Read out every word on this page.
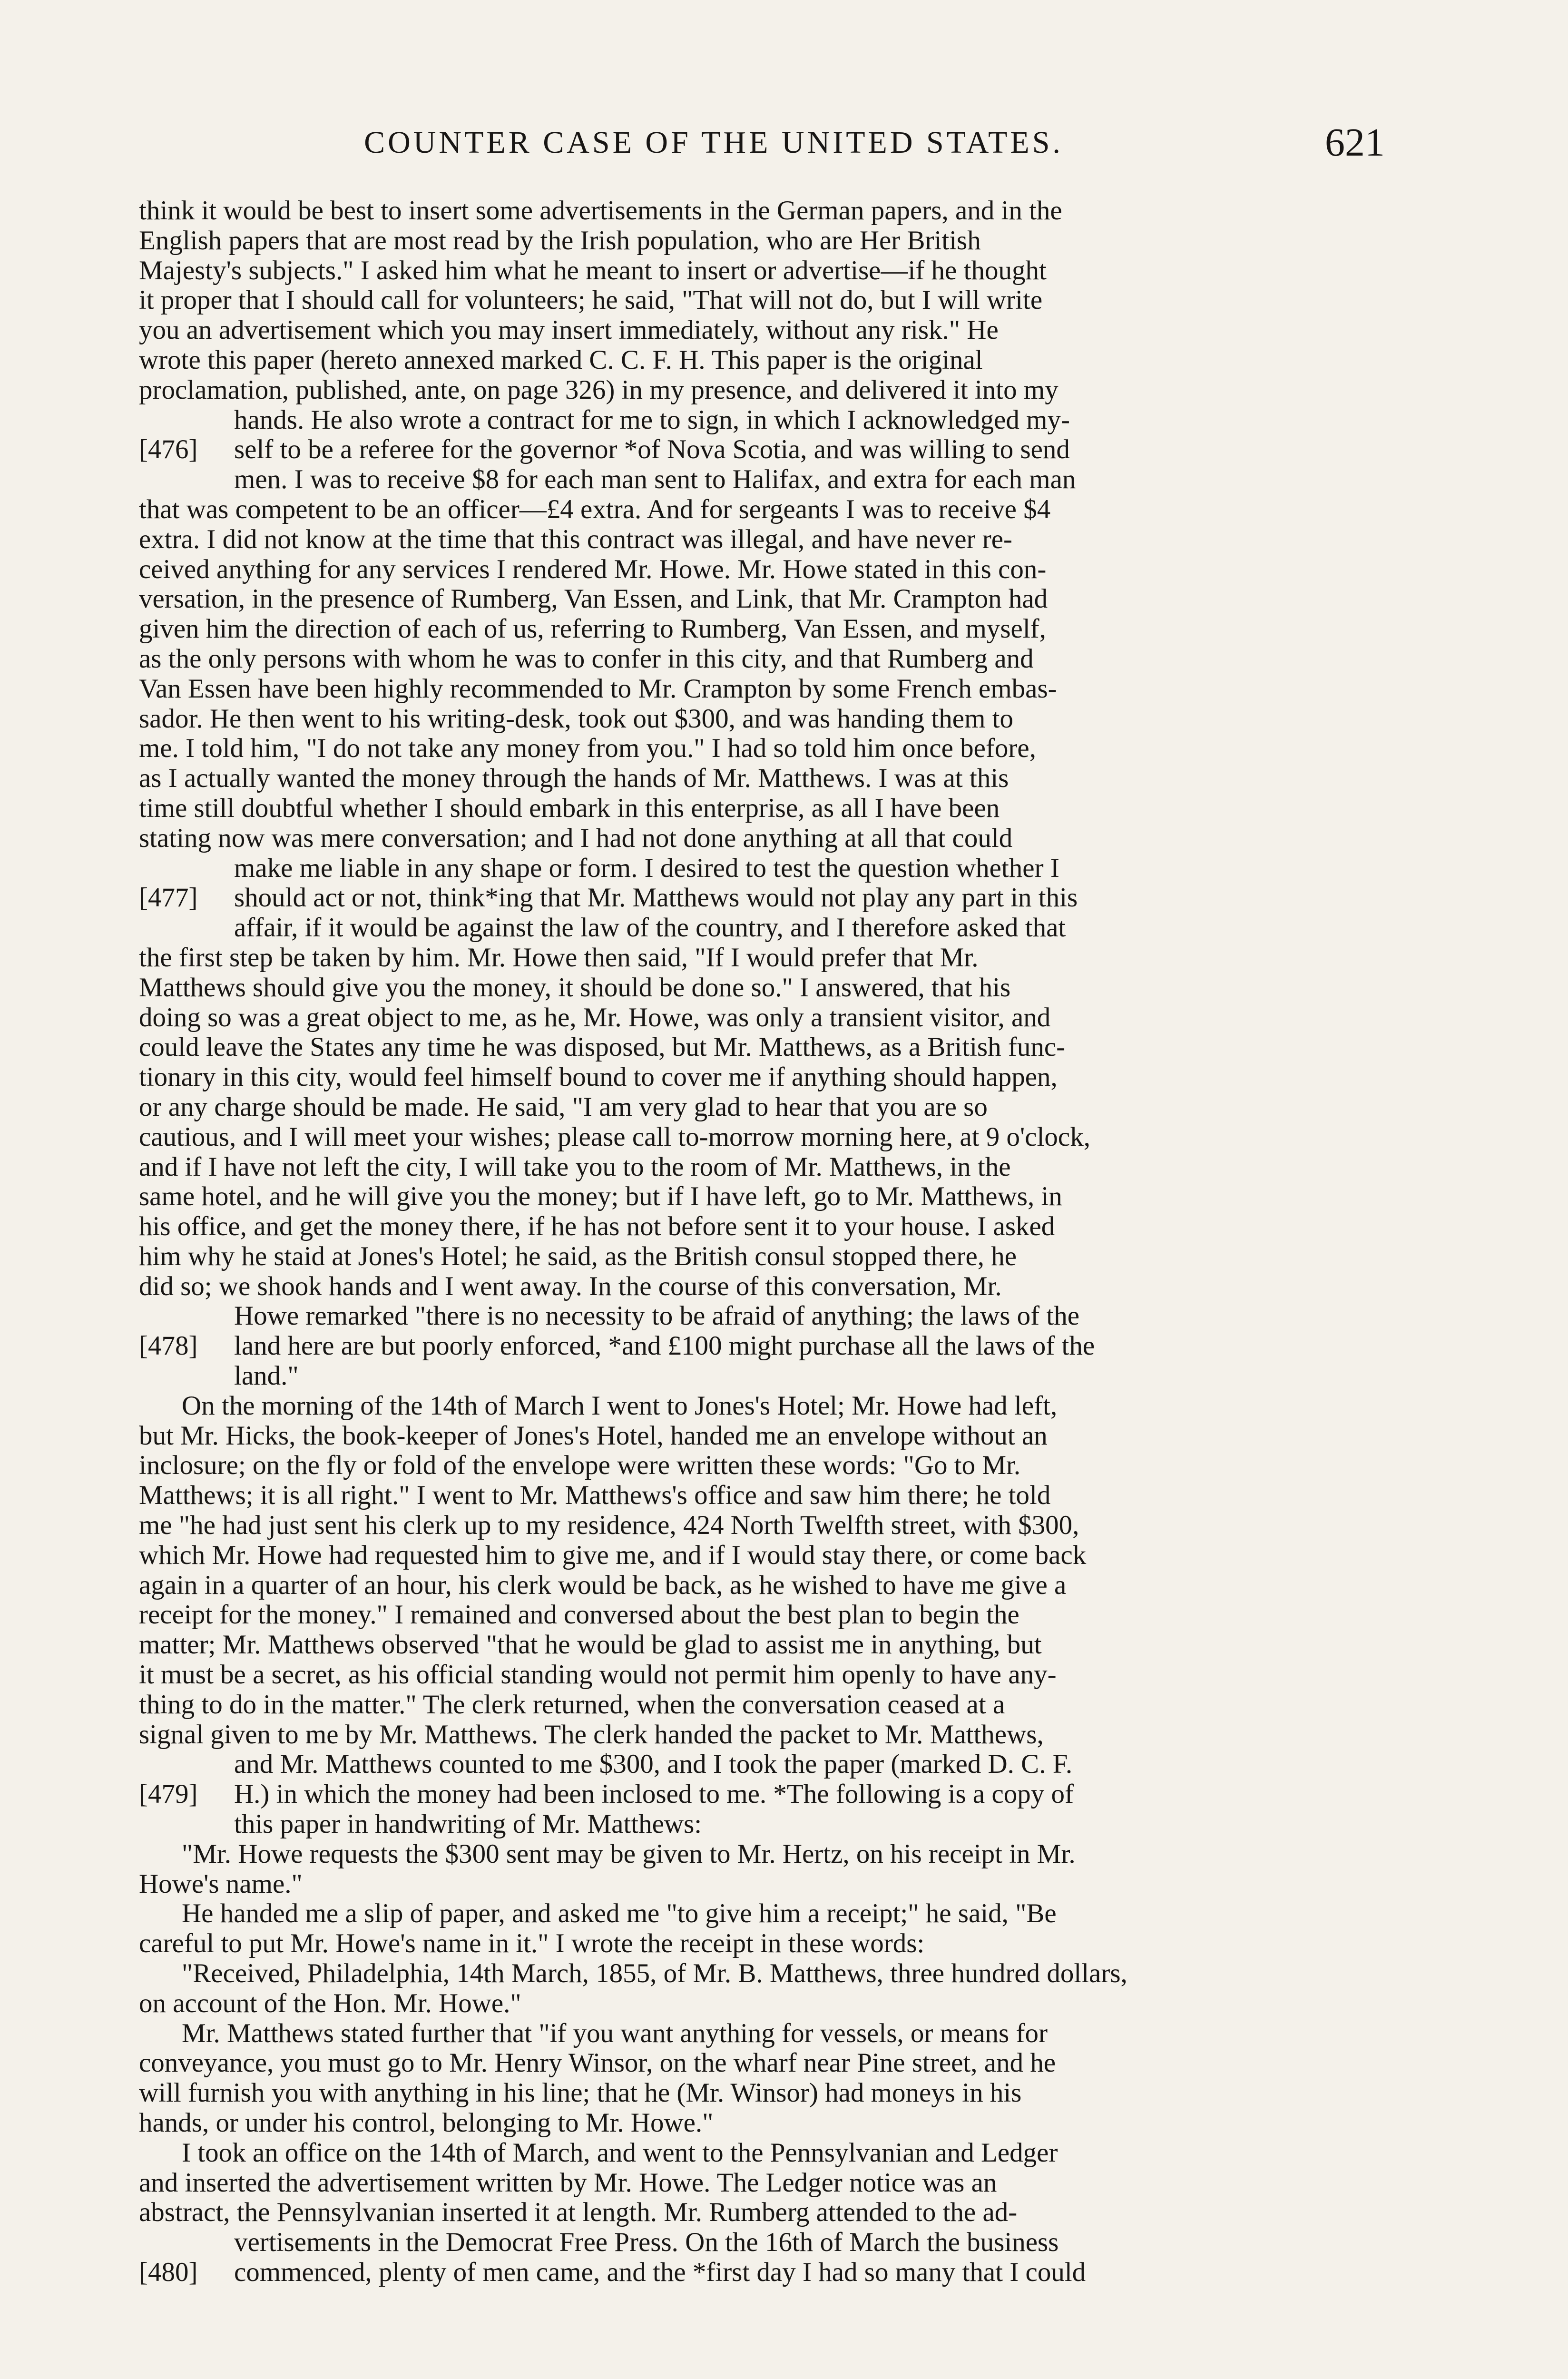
COUNTER CASE OF THE UNITED STATES.	621
think it would be best to insert some advertisements in the German papers, and in the
English papers that are most read by the Irish population, who are Her British
Majesty's subjects." I asked him what he meant to insert or advertise—if he thought
it proper that I should call for volunteers; he said, "That will not do, but I will write
you an advertisement which you may insert immediately, without any risk." He
wrote this paper (hereto annexed marked C. C. F. H. This paper is the original
proclamation, published, ante, on page 326) in my presence, and delivered it into my
hands. He also wrote a contract for me to sign, in which I acknowledged my-
[476] self to be a referee for the governor *of Nova Scotia, and was willing to send
men. I was to receive $8 for each man sent to Halifax, and extra for each man
that was competent to be an officer—£4 extra. And for sergeants I was to receive $4
extra. I did not know at the time that this contract was illegal, and have never re-
ceived anything for any services I rendered Mr. Howe. Mr. Howe stated in this con-
versation, in the presence of Rumberg, Van Essen, and Link, that Mr. Crampton had
given him the direction of each of us, referring to Rumberg, Van Essen, and myself,
as the only persons with whom he was to confer in this city, and that Rumberg and
Van Essen have been highly recommended to Mr. Crampton by some French embas-
sador. He then went to his writing-desk, took out $300, and was handing them to
me. I told him, "I do not take any money from you." I had so told him once before,
as I actually wanted the money through the hands of Mr. Matthews. I was at this
time still doubtful whether I should embark in this enterprise, as all I have been
stating now was mere conversation; and I had not done anything at all that could
make me liable in any shape or form. I desired to test the question whether I
[477] should act or not, think*ing that Mr. Matthews would not play any part in this
affair, if it would be against the law of the country, and I therefore asked that
the first step be taken by him. Mr. Howe then said, "If I would prefer that Mr.
Matthews should give you the money, it should be done so." I answered, that his
doing so was a great object to me, as he, Mr. Howe, was only a transient visitor, and
could leave the States any time he was disposed, but Mr. Matthews, as a British func-
tionary in this city, would feel himself bound to cover me if anything should happen,
or any charge should be made. He said, "I am very glad to hear that you are so
cautious, and I will meet your wishes; please call to-morrow morning here, at 9 o'clock,
and if I have not left the city, I will take you to the room of Mr. Matthews, in the
same hotel, and he will give you the money; but if I have left, go to Mr. Matthews, in
his office, and get the money there, if he has not before sent it to your house. I asked
him why he staid at Jones's Hotel; he said, as the British consul stopped there, he
did so; we shook hands and I went away. In the course of this conversation, Mr.
Howe remarked "there is no necessity to be afraid of anything; the laws of the
[478] land here are but poorly enforced, *and £100 might purchase all the laws of the
land."
On the morning of the 14th of March I went to Jones's Hotel; Mr. Howe had left,
but Mr. Hicks, the book-keeper of Jones's Hotel, handed me an envelope without an
inclosure; on the fly or fold of the envelope were written these words: "Go to Mr.
Matthews; it is all right." I went to Mr. Matthews's office and saw him there; he told
me "he had just sent his clerk up to my residence, 424 North Twelfth street, with $300,
which Mr. Howe had requested him to give me, and if I would stay there, or come back
again in a quarter of an hour, his clerk would be back, as he wished to have me give a
receipt for the money." I remained and conversed about the best plan to begin the
matter; Mr. Matthews observed "that he would be glad to assist me in anything, but
it must be a secret, as his official standing would not permit him openly to have any-
thing to do in the matter." The clerk returned, when the conversation ceased at a
signal given to me by Mr. Matthews. The clerk handed the packet to Mr. Matthews,
and Mr. Matthews counted to me $300, and I took the paper (marked D. C. F.
[479] H.) in which the money had been inclosed to me. *The following is a copy of
this paper in handwriting of Mr. Matthews:
"Mr. Howe requests the $300 sent may be given to Mr. Hertz, on his receipt in Mr.
Howe's name."
He handed me a slip of paper, and asked me "to give him a receipt;" he said, "Be
careful to put Mr. Howe's name in it." I wrote the receipt in these words:
"Received, Philadelphia, 14th March, 1855, of Mr. B. Matthews, three hundred dollars,
on account of the Hon. Mr. Howe."
Mr. Matthews stated further that "if you want anything for vessels, or means for
conveyance, you must go to Mr. Henry Winsor, on the wharf near Pine street, and he
will furnish you with anything in his line; that he (Mr. Winsor) had moneys in his
hands, or under his control, belonging to Mr. Howe."
I took an office on the 14th of March, and went to the Pennsylvanian and Ledger
and inserted the advertisement written by Mr. Howe. The Ledger notice was an
abstract, the Pennsylvanian inserted it at length. Mr. Rumberg attended to the ad-
vertisements in the Democrat Free Press. On the 16th of March the business
[480] commenced, plenty of men came, and the *first day I had so many that I could
